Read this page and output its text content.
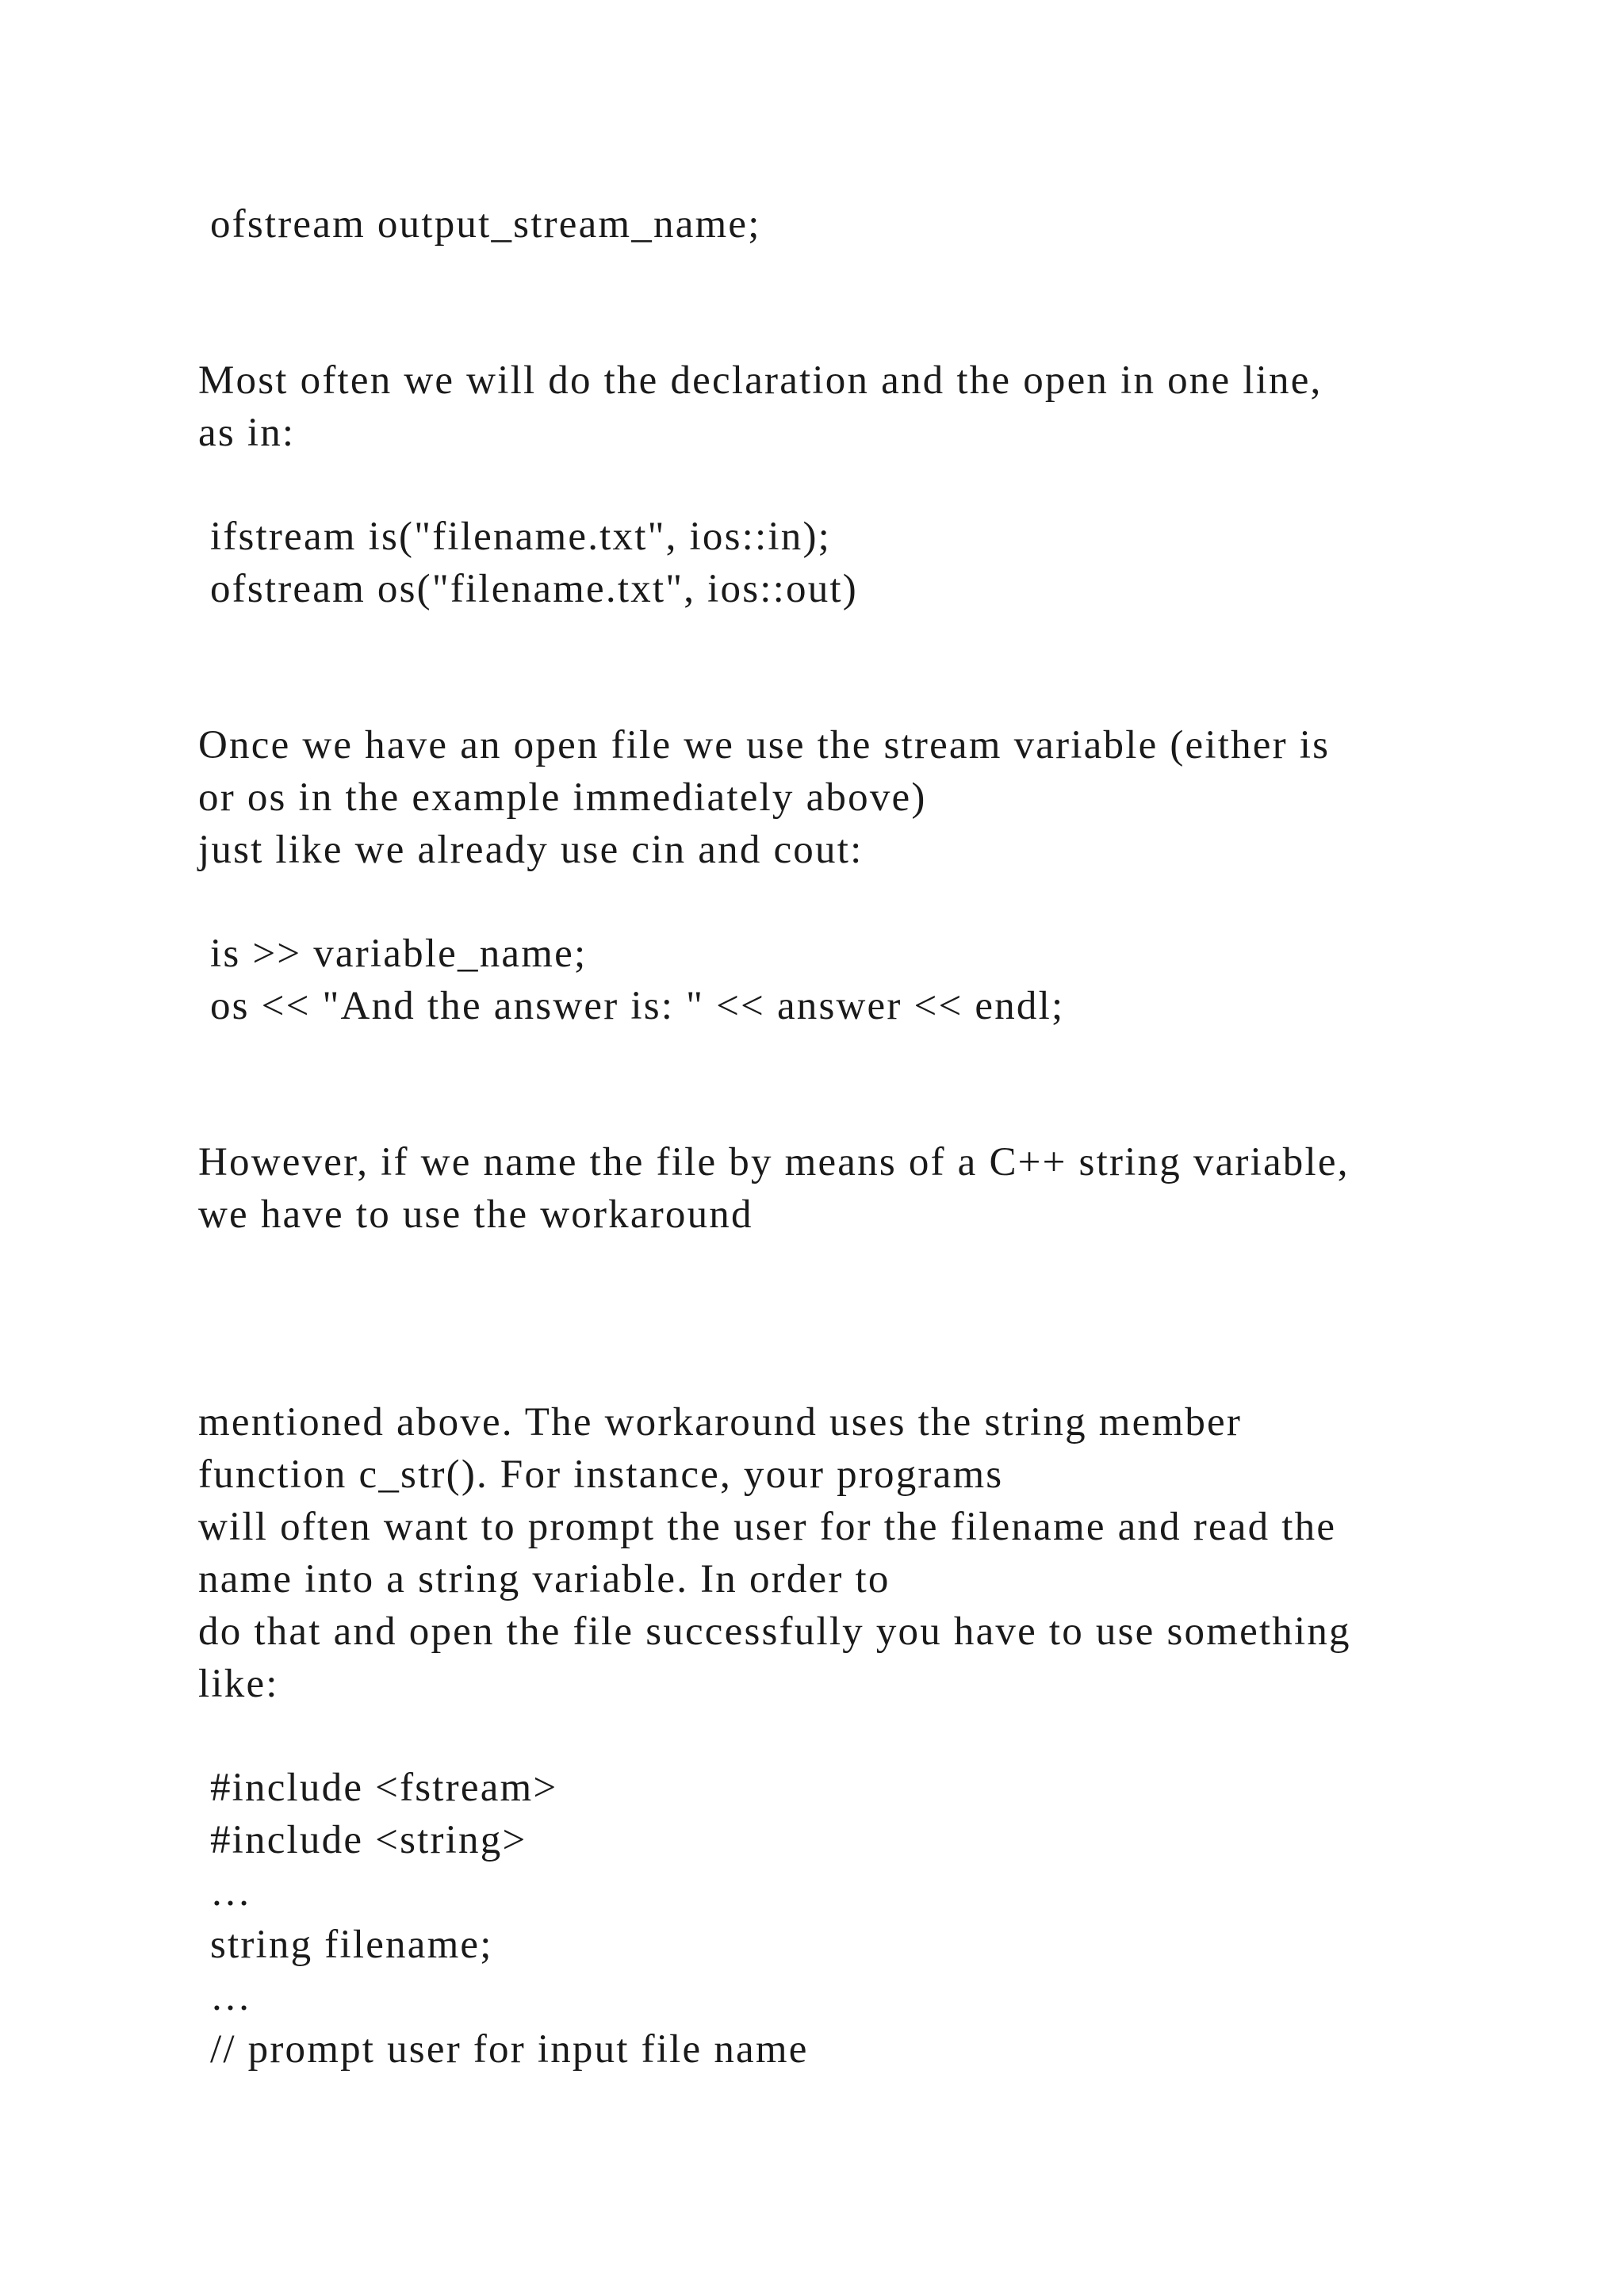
ofstream output_stream_name;

Most often we will do the declaration and the open in one line,

as in:

ifstream is("filename.txt", ios::in);

ofstream os("filename.txt", ios::out)

Once we have an open file we use the stream variable (either is

or os in the example immediately above)

just like we already use cin and cout:

is >> variable_name;

os << "And the answer is: " << answer << endl;

However, if we name the file by means of a C++ string variable,

we have to use the workaround

mentioned above. The workaround uses the string member

function c_str(). For instance, your programs

will often want to prompt the user for the filename and read the

name into a string variable. In order to

do that and open the file successfully you have to use something

like:

#include <fstream>

#include <string>

…

string filename;

…

// prompt user for input file name
